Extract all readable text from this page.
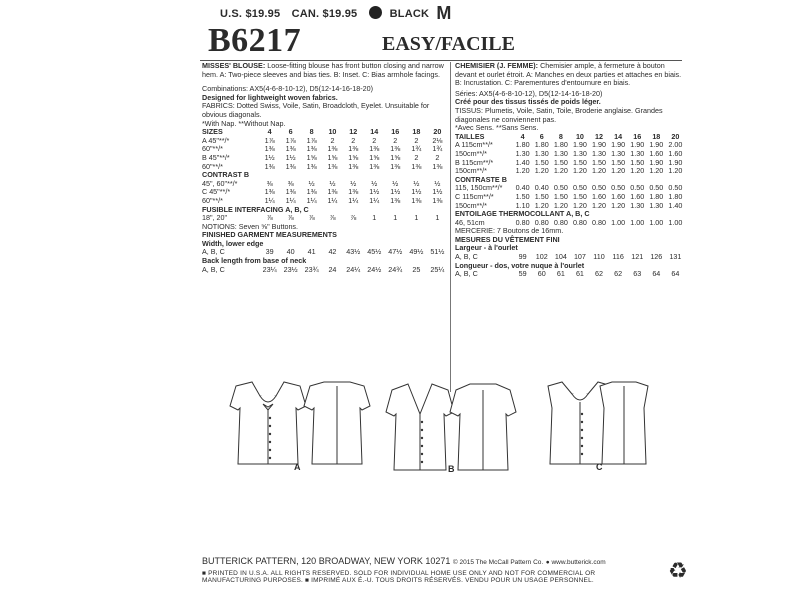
U.S. $19.95 CAN. $19.95	BLACK M
B6217	EASY/FACILE
MISSES' BLOUSE: Loose-fitting blouse has front button closing and narrow hem. A: Two-piece sleeves and bias ties. B: Inset. C: Bias armhole facings.
Combinations: AX5(4-6-8-10-12), D5(12-14-16-18-20)
Designed for lightweight woven fabrics.
FABRICS: Dotted Swiss, Voile, Satin, Broadcloth, Eyelet. Unsuitable for obvious diagonals.
*With Nap. **Without Nap.
SIZES	4	6	8	10	12	14	16	18	20
A 45"**/*	1⅞	1⅞	1⅞	2	2	2	2	2	2⅛
60"**/*	1⅜	1⅜	1⅜	1⅜	1⅜	1⅜	1⅜	1¾	1¾
B 45"**/*	1½	1½	1⅝	1⅝	1⅝	1⅝	1⅝	2	2
60"**/*	1⅜	1⅜	1⅜	1⅜	1⅜	1⅜	1⅜	1⅜	1⅜
CONTRAST B									
45", 60"**/*	⅜	⅜	½	½	½	½	½	½	½
C 45"**/*	1⅜	1⅜	1⅜	1⅜	1⅜	1½	1½	1½	1½
60"**/*	1¼	1¼	1¼	1¼	1¼	1¼	1⅜	1⅜	1⅜
FUSIBLE INTERFACING A, B, C									
18", 20"	⅞	⅞	⅞	⅞	⅞	1	1	1	1
NOTIONS: Seven ⅝" Buttons.									
FINISHED GARMENT MEASUREMENTS									
Width, lower edge									
A, B, C	39	40	41	42	43½	45½	47½	49½	51½
Back length from base of neck									
A, B, C	23¼	23½	23¾	24	24¼	24½	24¾	25	25¼
CHEMISIER (J. FEMME): Chemisier ample, à fermeture à bouton devant et ourlet étroit. A: Manches en deux parties et attaches en biais. B: Incrustation. C: Parementures d'entournure en biais.
Séries: AX5(4-6-8-10-12), D5(12-14-16-18-20)
Créé pour des tissus tissés de poids léger.
TISSUS: Plumetis, Voile, Satin, Toile, Broderie anglaise. Grandes diagonales ne conviennent pas.
*Avec Sens. **Sans Sens.
TAILLES	4	6	8	10	12	14	16	18	20
A 115cm**/*	1.80	1.80	1.80	1.90	1.90	1.90	1.90	1.90	2.00
150cm**/*	1.30	1.30	1.30	1.30	1.30	1.30	1.30	1.60	1.60
B 115cm**/*	1.40	1.50	1.50	1.50	1.50	1.50	1.50	1.90	1.90
150cm**/*	1.20	1.20	1.20	1.20	1.20	1.20	1.20	1.20	1.20
CONTRASTE B									
115, 150cm**/*	0.40	0.40	0.50	0.50	0.50	0.50	0.50	0.50	0.50
C 115cm**/*	1.50	1.50	1.50	1.50	1.60	1.60	1.60	1.80	1.80
150cm**/*	1.10	1.20	1.20	1.20	1.20	1.20	1.30	1.30	1.40
ENTOILAGE THERMOCOLLANT A, B, C									
46, 51cm	0.80	0.80	0.80	0.80	0.80	1.00	1.00	1.00	1.00
MERCERIE: 7 Boutons de 16mm.									
MESURES DU VÊTEMENT FINI									
Largeur - à l'ourlet									
A, B, C	99	102	104	107	110	116	121	126	131
Longueur - dos, votre nuque à l'ourlet									
A, B, C	59	60	61	61	62	62	63	64	64
A	B	C
BUTTERICK PATTERN, 120 BROADWAY, NEW YORK 10271 © 2015 The McCall Pattern Co. ● www.butterick.com
■ PRINTED IN U.S.A. ALL RIGHTS RESERVED. SOLD FOR INDIVIDUAL HOME USE ONLY AND NOT FOR COMMERCIAL OR MANUFACTURING PURPOSES. ■ IMPRIMÉ AUX É.-U. TOUS DROITS RÉSERVÉS. VENDU POUR UN USAGE PERSONNEL.	♻
